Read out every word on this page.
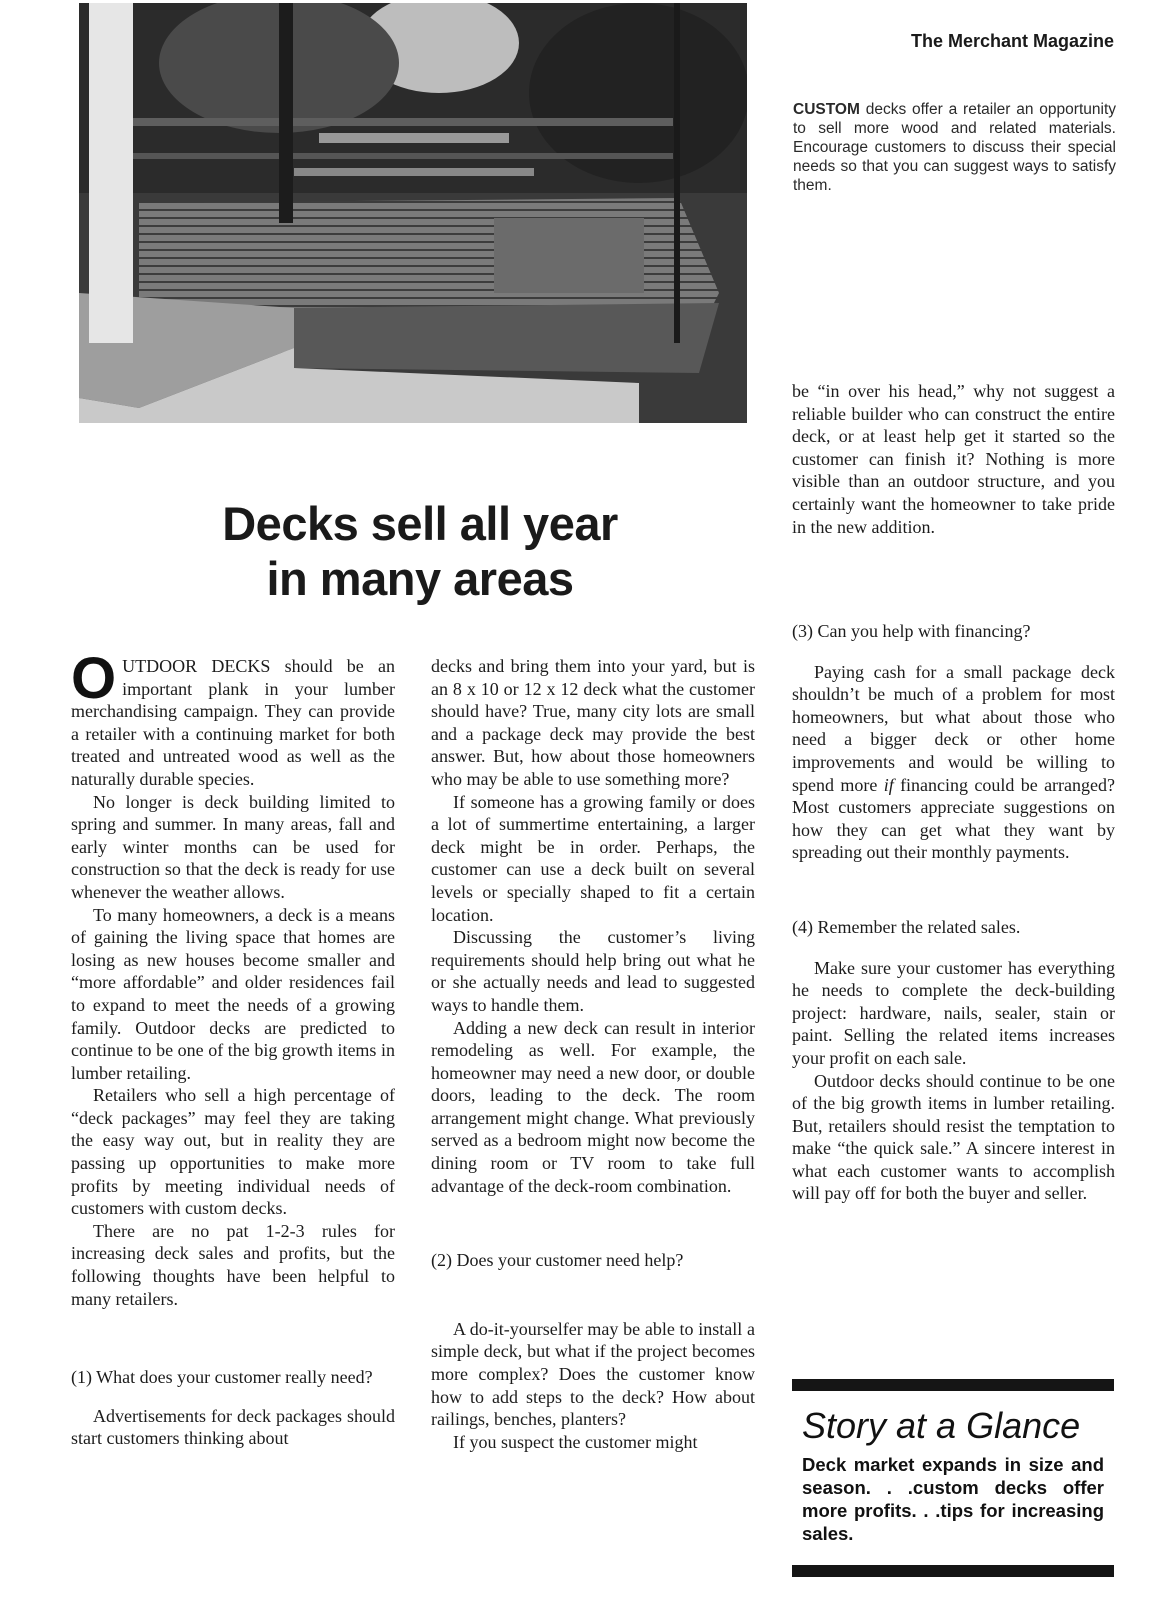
The Merchant Magazine
CUSTOM decks offer a retailer an opportunity to sell more wood and related materials. Encourage customers to discuss their special needs so that you can suggest ways to satisfy them.
Decks sell all year
in many areas

OUTDOOR DECKS should be an important plank in your lumber merchandising campaign. They can provide a retailer with a continuing market for both treated and untreated wood as well as the naturally durable species.

No longer is deck building limited to spring and summer. In many areas, fall and early winter months can be used for construction so that the deck is ready for use whenever the weather allows.

To many homeowners, a deck is a means of gaining the living space that homes are losing as new houses become smaller and “more affordable” and older residences fail to expand to meet the needs of a growing family. Outdoor decks are predicted to continue to be one of the big growth items in lumber retailing.

Retailers who sell a high percentage of “deck packages” may feel they are taking the easy way out, but in reality they are passing up opportunities to make more profits by meeting individual needs of customers with custom decks.

There are no pat 1-2-3 rules for increasing deck sales and profits, but the following thoughts have been helpful to many retailers.

(1) What does your customer really need?

Advertisements for deck packages should start customers thinking about

decks and bring them into your yard, but is an 8 x 10 or 12 x 12 deck what the customer should have? True, many city lots are small and a package deck may provide the best answer. But, how about those homeowners who may be able to use something more?

If someone has a growing family or does a lot of summertime entertaining, a larger deck might be in order. Perhaps, the customer can use a deck built on several levels or specially shaped to fit a certain location.

Discussing the customer’s living requirements should help bring out what he or she actually needs and lead to suggested ways to handle them.

Adding a new deck can result in interior remodeling as well. For example, the homeowner may need a new door, or double doors, leading to the deck. The room arrangement might change. What previously served as a bedroom might now become the dining room or TV room to take full advantage of the deck-room combination.

(2) Does your customer need help?

A do-it-yourselfer may be able to install a simple deck, but what if the project becomes more complex? Does the customer know how to add steps to the deck? How about railings, benches, planters?

If you suspect the customer might

be “in over his head,” why not suggest a reliable builder who can construct the entire deck, or at least help get it started so the customer can finish it? Nothing is more visible than an outdoor structure, and you certainly want the homeowner to take pride in the new addition.

(3) Can you help with financing?

Paying cash for a small package deck shouldn’t be much of a problem for most homeowners, but what about those who need a bigger deck or other home improvements and would be willing to spend more if financing could be arranged? Most customers appreciate suggestions on how they can get what they want by spreading out their monthly payments.

(4) Remember the related sales.

Make sure your customer has everything he needs to complete the deck-building project: hardware, nails, sealer, stain or paint. Selling the related items increases your profit on each sale.

Outdoor decks should continue to be one of the big growth items in lumber retailing. But, retailers should resist the temptation to make “the quick sale.” A sincere interest in what each customer wants to accomplish will pay off for both the buyer and seller.

Story at a Glance
Deck market expands in size and season. . .custom decks offer more profits. . .tips for increasing sales.
